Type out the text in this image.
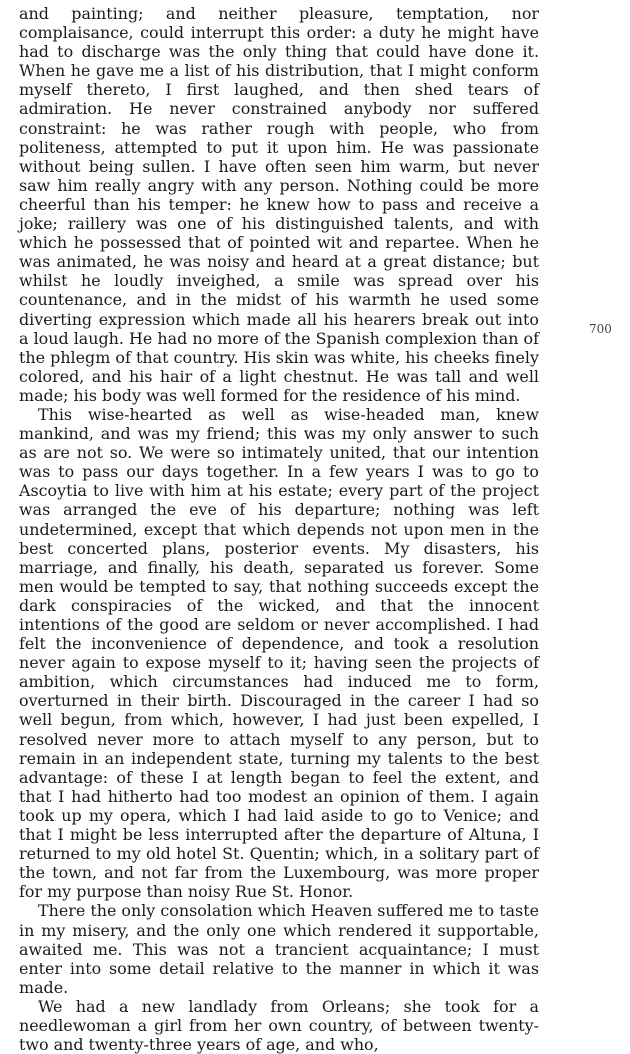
and painting; and neither pleasure, temptation, nor complaisance, could interrupt this order: a duty he might have had to discharge was the only thing that could have done it. When he gave me a list of his distribution, that I might conform myself thereto, I first laughed, and then shed tears of admiration. He never constrained anybody nor suffered constraint: he was rather rough with people, who from politeness, attempted to put it upon him. He was passionate without being sullen. I have often seen him warm, but never saw him really angry with any person. Nothing could be more cheerful than his temper: he knew how to pass and receive a joke; raillery was one of his distinguished talents, and with which he possessed that of pointed wit and repartee. When he was animated, he was noisy and heard at a great distance; but whilst he loudly inveighed, a smile was spread over his countenance, and in the midst of his warmth he used some diverting expression which made all his hearers break out into a loud laugh. He had no more of the Spanish complexion than of the phlegm of that country. His skin was white, his cheeks finely colored, and his hair of a light chestnut. He was tall and well made; his body was well formed for the residence of his mind.

This wise-hearted as well as wise-headed man, knew mankind, and was my friend; this was my only answer to such as are not so. We were so intimately united, that our intention was to pass our days together. In a few years I was to go to Ascoytia to live with him at his estate; every part of the project was arranged the eve of his departure; nothing was left undetermined, except that which depends not upon men in the best concerted plans, posterior events. My disasters, his marriage, and finally, his death, separated us forever. Some men would be tempted to say, that nothing succeeds except the dark conspiracies of the wicked, and that the innocent intentions of the good are seldom or never accomplished. I had felt the inconvenience of dependence, and took a resolution never again to expose myself to it; having seen the projects of ambition, which circumstances had induced me to form, overturned in their birth. Discouraged in the career I had so well begun, from which, however, I had just been expelled, I resolved never more to attach myself to any person, but to remain in an independent state, turning my talents to the best advantage: of these I at length began to feel the extent, and that I had hitherto had too modest an opinion of them. I again took up my opera, which I had laid aside to go to Venice; and that I might be less interrupted after the departure of Altuna, I returned to my old hotel St. Quentin; which, in a solitary part of the town, and not far from the Luxembourg, was more proper for my purpose than noisy Rue St. Honor.

There the only consolation which Heaven suffered me to taste in my misery, and the only one which rendered it supportable, awaited me. This was not a trancient acquaintance; I must enter into some detail relative to the manner in which it was made.

We had a new landlady from Orleans; she took for a needlewoman a girl from her own country, of between twenty-two and twenty-three years of age, and who,

700
